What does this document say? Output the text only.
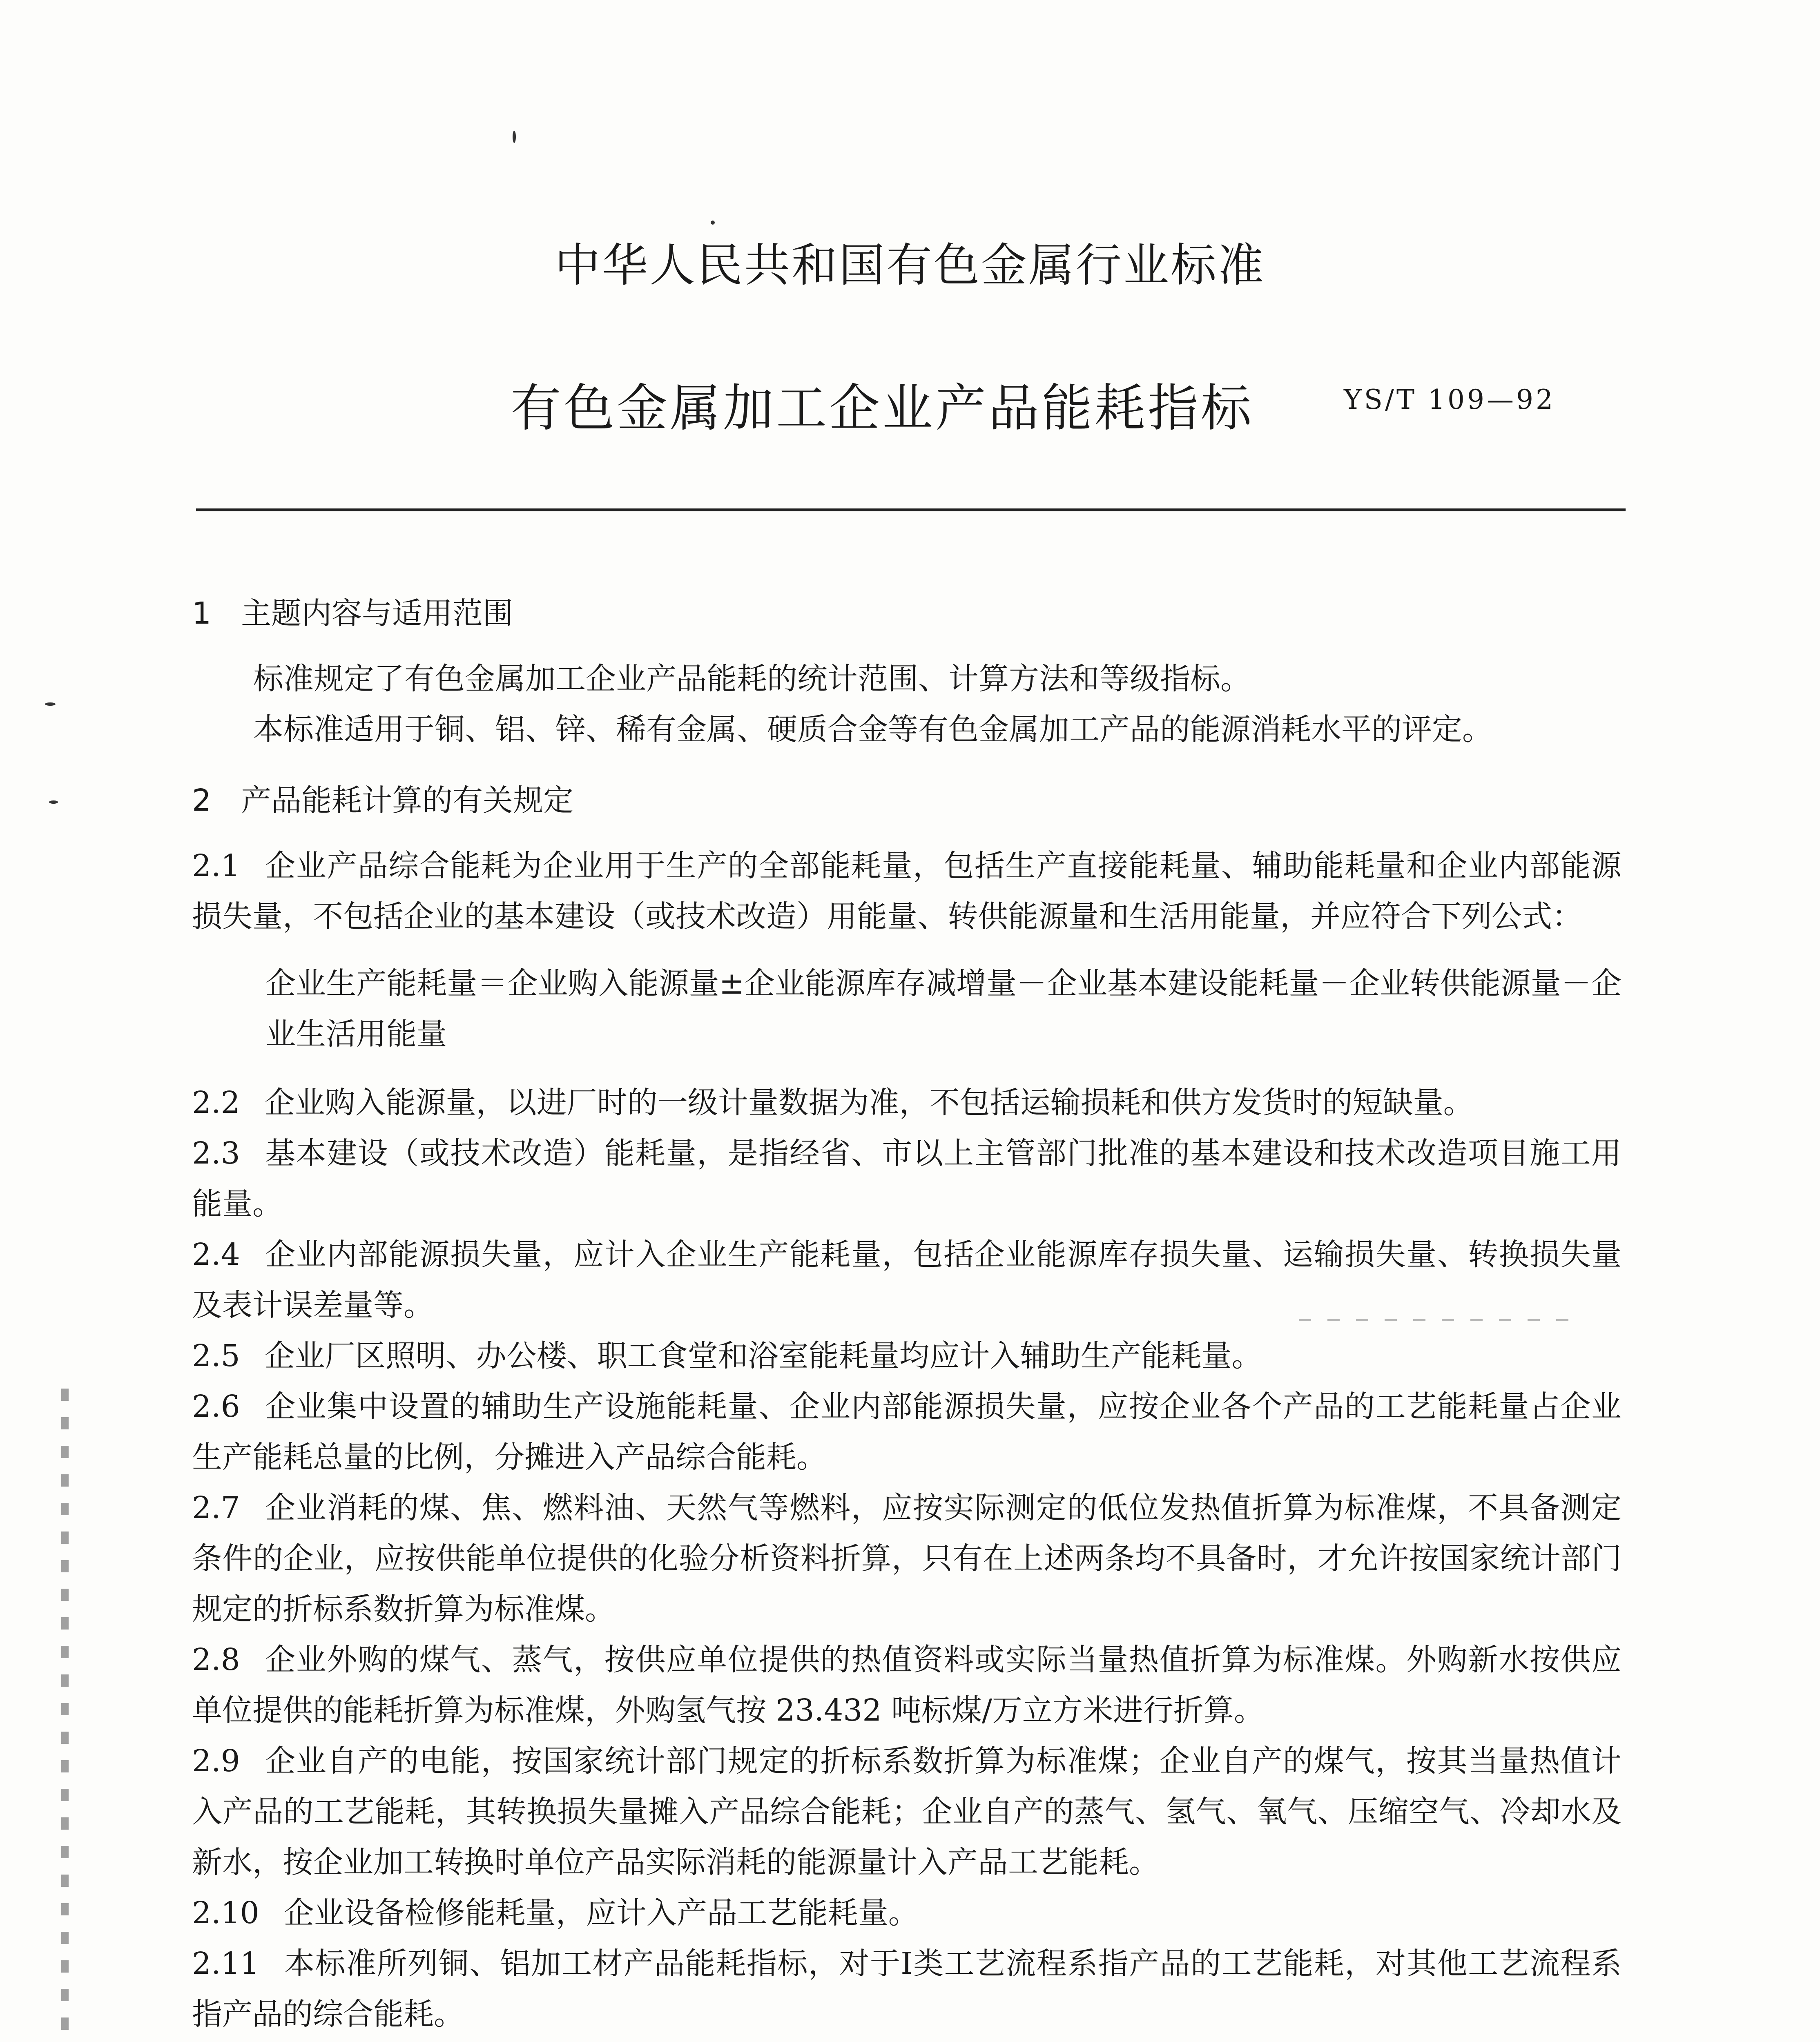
中华人民共和国有色金属行业标准
有色金属加工企业产品能耗指标	YS/T 109—92

1 主题内容与适用范围

标准规定了有色金属加工企业产品能耗的统计范围、计算方法和等级指标。

本标准适用于铜、铝、锌、稀有金属、硬质合金等有色金属加工产品的能源消耗水平的评定。

2 产品能耗计算的有关规定

2.1 企业产品综合能耗为企业用于生产的全部能耗量，包括生产直接能耗量、辅助能耗量和企业内部能源损失量，不包括企业的基本建设（或技术改造）用能量、转供能源量和生活用能量，并应符合下列公式：

企业生产能耗量＝企业购入能源量±企业能源库存减增量－企业基本建设能耗量－企业转供能源量－企业生活用能量

2.2 企业购入能源量，以进厂时的一级计量数据为准，不包括运输损耗和供方发货时的短缺量。

2.3 基本建设（或技术改造）能耗量，是指经省、市以上主管部门批准的基本建设和技术改造项目施工用能量。

2.4 企业内部能源损失量，应计入企业生产能耗量，包括企业能源库存损失量、运输损失量、转换损失量及表计误差量等。

2.5 企业厂区照明、办公楼、职工食堂和浴室能耗量均应计入辅助生产能耗量。

2.6 企业集中设置的辅助生产设施能耗量、企业内部能源损失量，应按企业各个产品的工艺能耗量占企业生产能耗总量的比例，分摊进入产品综合能耗。

2.7 企业消耗的煤、焦、燃料油、天然气等燃料，应按实际测定的低位发热值折算为标准煤，不具备测定条件的企业，应按供能单位提供的化验分析资料折算，只有在上述两条均不具备时，才允许按国家统计部门规定的折标系数折算为标准煤。

2.8 企业外购的煤气、蒸气，按供应单位提供的热值资料或实际当量热值折算为标准煤。外购新水按供应单位提供的能耗折算为标准煤，外购氢气按 23.432 吨标煤/万立方米进行折算。

2.9 企业自产的电能，按国家统计部门规定的折标系数折算为标准煤；企业自产的煤气，按其当量热值计入产品的工艺能耗，其转换损失量摊入产品综合能耗；企业自产的蒸气、氢气、氧气、压缩空气、冷却水及新水，按企业加工转换时单位产品实际消耗的能源量计入产品工艺能耗。

2.10 企业设备检修能耗量，应计入产品工艺能耗量。

2.11 本标准所列铜、铝加工材产品能耗指标，对于Ⅰ类工艺流程系指产品的工艺能耗，对其他工艺流程系指产品的综合能耗。
